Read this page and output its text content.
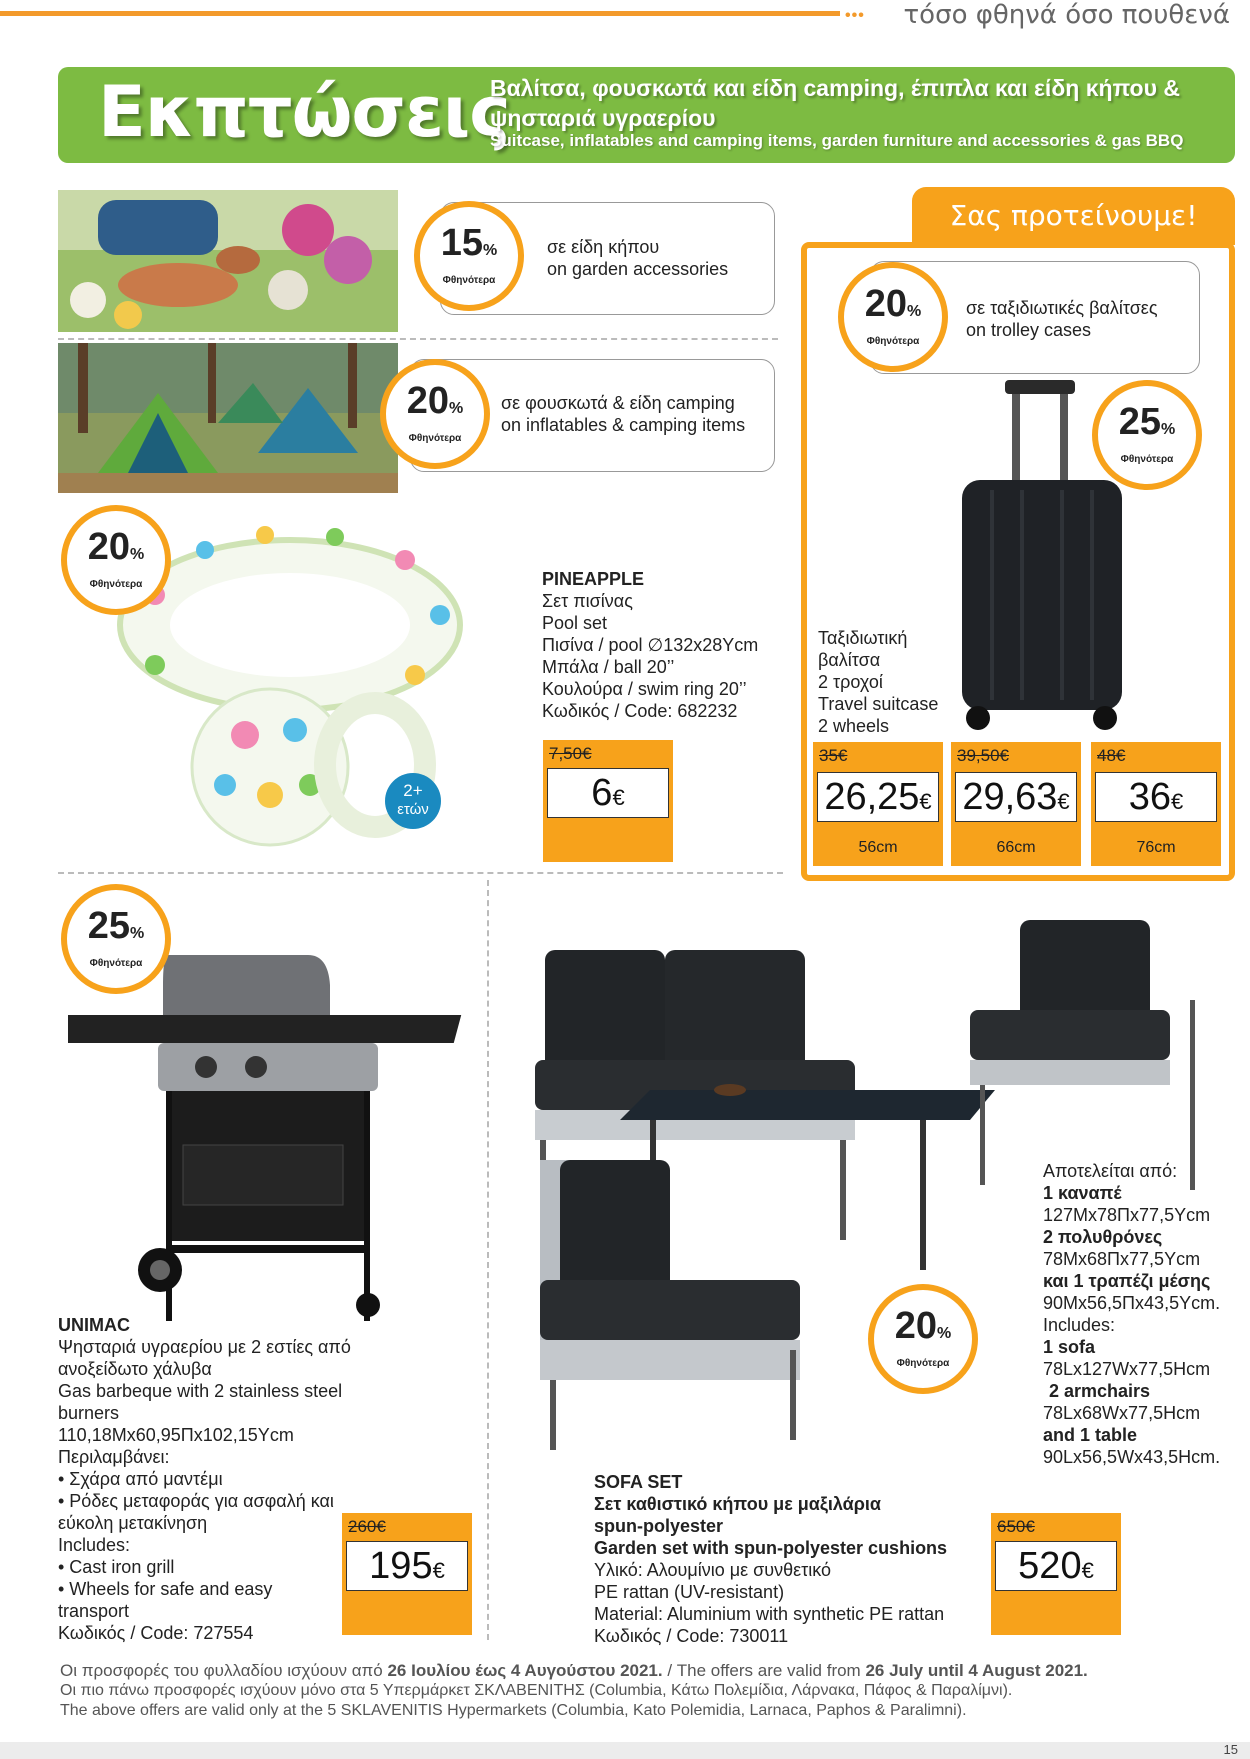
••• τόσο φθηνά όσο πουθενά
Εκπτώσεις
Βαλίτσα, φουσκωτά και είδη camping, έπιπλα και είδη κήπου & ψησταριά υγραερίου
Suitcase, inflatables and camping items, garden furniture and accessories & gas BBQ
σε είδη κήπου
on garden accessories
15%
Φθηνότερα
σε φουσκωτά & είδη camping
on inflatables & camping items
20%
Φθηνότερα
Σας προτείνουμε!
σε ταξιδιωτικές βαλίτσες
on trolley cases
20%
Φθηνότερα
25%
Φθηνότερα
Ταξιδιωτική
βαλίτσα
2 τροχοί
Travel suitcase
2 wheels
35€
26,25€
56cm
39,50€
29,63€
66cm
48€
36€
76cm
20%
Φθηνότερα
2+
ετών
PINEAPPLE
Σετ πισίνας
Pool set
Πισίνα / pool ∅132x28Ycm
Μπάλα / ball 20’’
Κουλούρα / swim ring 20’’
Κωδικός / Code: 682232
7,50€
6€
25%
Φθηνότερα
UNIMAC
Ψησταριά υγραερίου με 2 εστίες από
ανοξείδωτο χάλυβα
Gas barbeque with 2 stainless steel
burners
110,18Mx60,95Πx102,15Ycm
Περιλαμβάνει:
• Σχάρα από μαντέμι
• Ρόδες μεταφοράς για ασφαλή και
εύκολη μετακίνηση
Includes:
• Cast iron grill
• Wheels for safe and easy
transport
Κωδικός / Code: 727554
260€
195€
20%
Φθηνότερα
Αποτελείται από:
1 καναπέ
127Mx78Πx77,5Ycm
2 πολυθρόνες
78Mx68Πx77,5Ycm
και 1 τραπέζι μέσης
90Mx56,5Πx43,5Ycm.
Includes:
1 sofa
78Lx127Wx77,5Hcm
2 armchairs
78Lx68Wx77,5Hcm
and 1 table
90Lx56,5Wx43,5Hcm.
SOFA SET
Σετ καθιστικό κήπου με μαξιλάρια
spun-polyester
Garden set with spun-polyester cushions
Υλικό: Αλουμίνιο με συνθετικό
PE rattan (UV-resistant)
Material: Aluminium with synthetic PE rattan
Κωδικός / Code: 730011
650€
520€
Οι προσφορές του φυλλαδίου ισχύουν από 26 Ιουλίου έως 4 Αυγούστου 2021. / The offers are valid from 26 July until 4 August 2021.
Οι πιο πάνω προσφορές ισχύουν μόνο στα 5 Υπερμάρκετ ΣΚΛΑΒΕΝΙΤΗΣ (Columbia, Κάτω Πολεμίδια, Λάρνακα, Πάφος & Παραλίμνι).
The above offers are valid only at the 5 SKLAVENITIS Hypermarkets (Columbia, Kato Polemidia, Larnaca, Paphos & Paralimni).
15
